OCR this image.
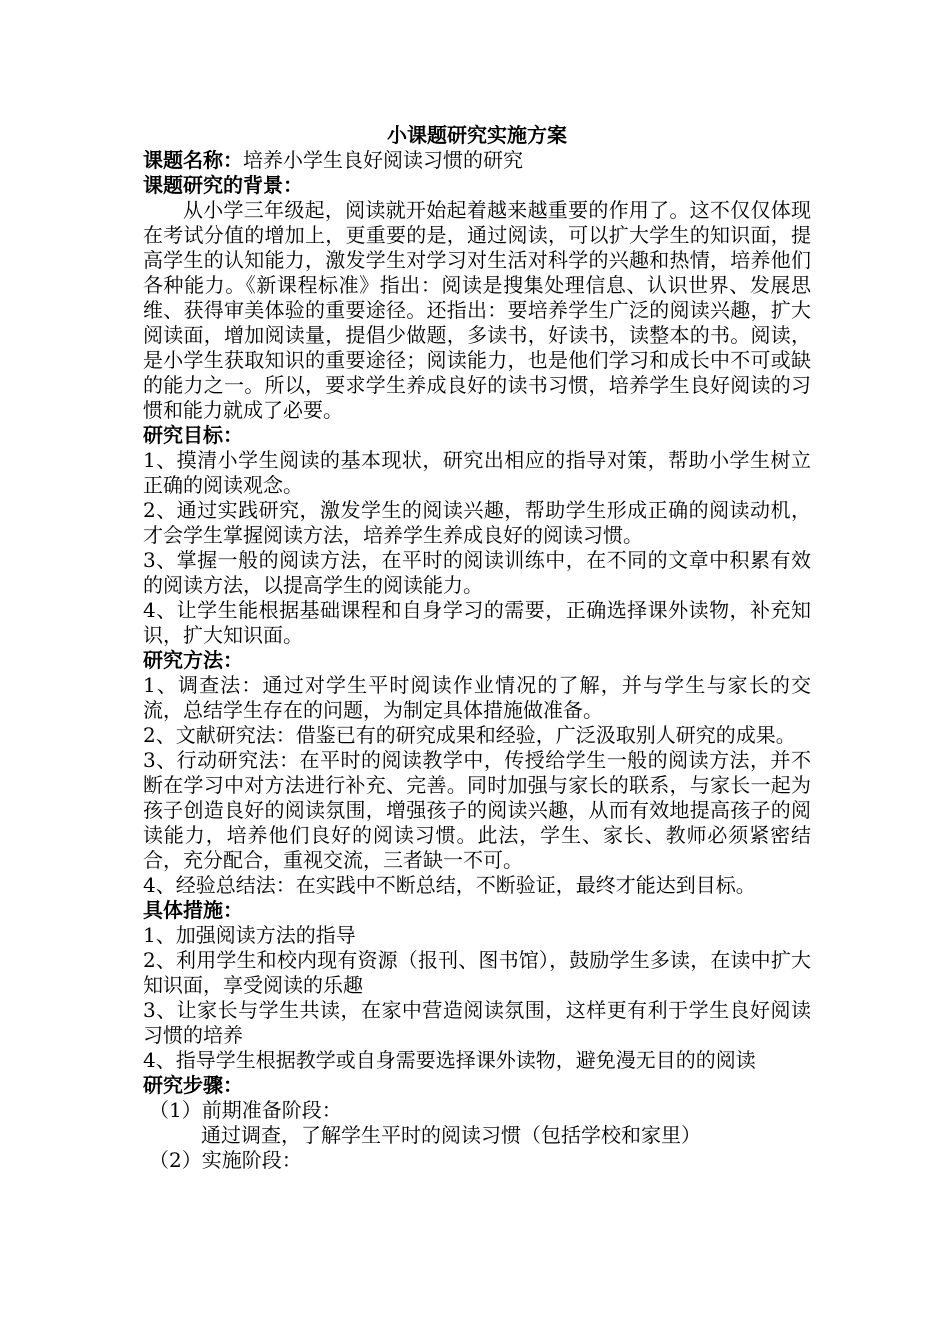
小课题研究实施方案
课题名称：培养小学生良好阅读习惯的研究
课题研究的背景：

从小学三年级起，阅读就开始起着越来越重要的作用了。这不仅仅体现在考试分值的增加上，更重要的是，通过阅读，可以扩大学生的知识面，提高学生的认知能力，激发学生对学习对生活对科学的兴趣和热情，培养他们各种能力。《新课程标准》指出：阅读是搜集处理信息、认识世界、发展思维、获得审美体验的重要途径。还指出：要培养学生广泛的阅读兴趣，扩大阅读面，增加阅读量，提倡少做题，多读书，好读书，读整本的书。阅读，是小学生获取知识的重要途径；阅读能力，也是他们学习和成长中不可或缺的能力之一。所以，要求学生养成良好的读书习惯，培养学生良好阅读的习惯和能力就成了必要。

研究目标：

1、摸清小学生阅读的基本现状，研究出相应的指导对策，帮助小学生树立正确的阅读观念。

2、通过实践研究，激发学生的阅读兴趣，帮助学生形成正确的阅读动机，才会学生掌握阅读方法，培养学生养成良好的阅读习惯。

3、掌握一般的阅读方法，在平时的阅读训练中，在不同的文章中积累有效的阅读方法，以提高学生的阅读能力。

4、让学生能根据基础课程和自身学习的需要，正确选择课外读物，补充知识，扩大知识面。

研究方法：

1、调查法：通过对学生平时阅读作业情况的了解，并与学生与家长的交流，总结学生存在的问题，为制定具体措施做准备。

2、文献研究法：借鉴已有的研究成果和经验，广泛汲取别人研究的成果。

3、行动研究法：在平时的阅读教学中，传授给学生一般的阅读方法，并不断在学习中对方法进行补充、完善。同时加强与家长的联系，与家长一起为孩子创造良好的阅读氛围，增强孩子的阅读兴趣，从而有效地提高孩子的阅读能力，培养他们良好的阅读习惯。此法，学生、家长、教师必须紧密结合，充分配合，重视交流，三者缺一不可。

4、经验总结法：在实践中不断总结，不断验证，最终才能达到目标。

具体措施：

1、加强阅读方法的指导

2、利用学生和校内现有资源（报刊、图书馆），鼓励学生多读，在读中扩大知识面，享受阅读的乐趣

3、让家长与学生共读，在家中营造阅读氛围，这样更有利于学生良好阅读习惯的培养

4、指导学生根据教学或自身需要选择课外读物，避免漫无目的的阅读

研究步骤：
（1）前期准备阶段：
通过调查，了解学生平时的阅读习惯（包括学校和家里）
（2）实施阶段：
